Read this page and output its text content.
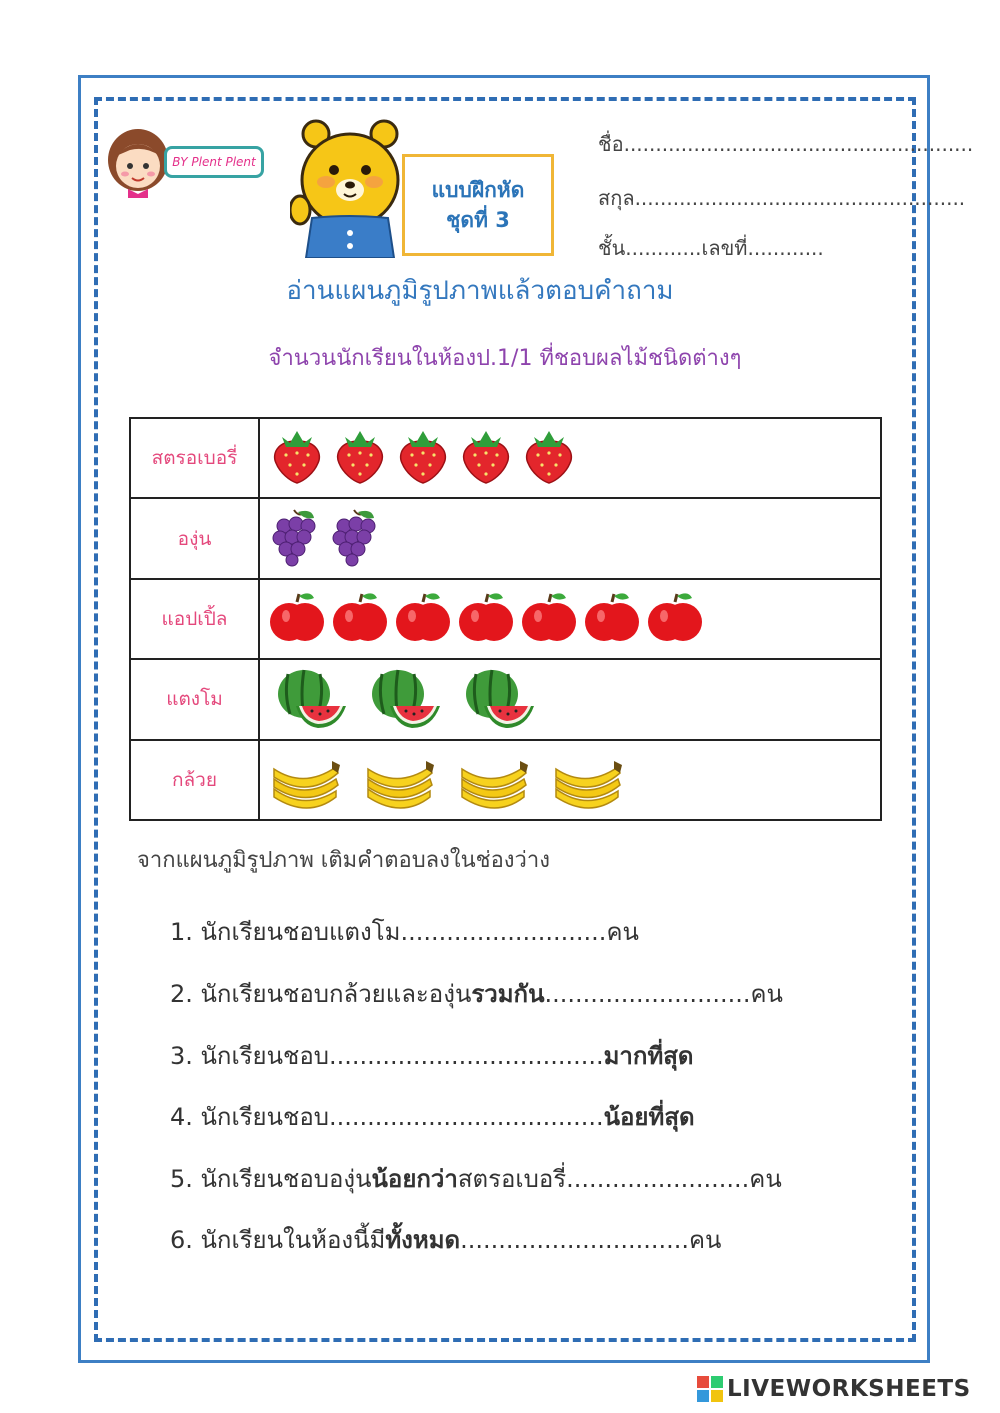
BY Plent Plent
แบบฝึกหัด
ชุดที่ 3
ชื่อ.......................................................
สกุล....................................................
ชั้น............เลขที่............
อ่านแผนภูมิรูปภาพแล้วตอบคำถาม
จำนวนนักเรียนในห้องป.1/1 ที่ชอบผลไม้ชนิดต่างๆ
สตรอเบอรี่	

องุ่น	

แอปเปิ้ล	

แตงโม	

กล้วย	
จากแผนภูมิรูปภาพ เติมคำตอบลงในช่องว่าง
1. นักเรียนชอบแตงโม...........................คน
2. นักเรียนชอบกล้วยและองุ่นรวมกัน...........................คน
3. นักเรียนชอบ....................................มากที่สุด
4. นักเรียนชอบ....................................น้อยที่สุด
5. นักเรียนชอบองุ่นน้อยกว่าสตรอเบอรี่........................คน
6. นักเรียนในห้องนี้มีทั้งหมด..............................คน
LIVEWORKSHEETS
